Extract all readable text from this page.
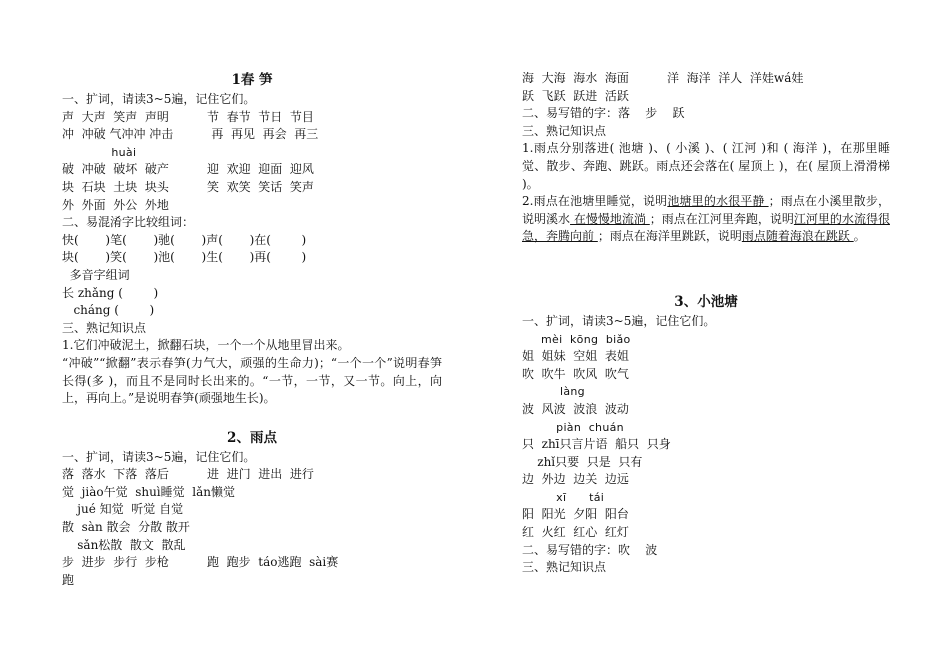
1春 笋
一、扩词，请读3~5遍，记住它们。
声  大声  笑声  声明          节  春节  节日  节目
冲  冲破 气冲冲 冲击          再  再见  再会  再三
huài
破  冲破  破坏  破产          迎  欢迎  迎面  迎风
块  石块  土块  块头          笑  欢笑  笑话  笑声
外  外面  外公  外地
二、易混淆字比较组词：
快(       )笔(       )驰(       )声(       )在(        )
块(       )笑(       )池(       )生(       )再(        )
多音字组词
长 zhǎng (        )
cháng (        )
三、熟记知识点
1.它们冲破泥土，掀翻石块，一个一个从地里冒出来。
“冲破”“掀翻”表示春笋(力气大，顽强的生命力)；“一个一个”说明春笋长得(多 )，而且不是同时长出来的。“一节，一节，又一节。向上，向上，再向上。”是说明春笋(顽强地生长)。
2、雨点
一、扩词，请读3~5遍，记住它们。
落  落水  下落  落后          进  进门  进出  进行
觉  jiào午觉  shuì睡觉  lǎn懒觉
jué 知觉  听觉 自觉
散  sàn 散会  分散 散开
sǎn松散  散文  散乱
步  进步  步行  步枪          跑  跑步  táo逃跑  sài赛
跑
海  大海  海水  海面          洋  海洋  洋人  洋娃wá娃
跃  飞跃  跃进  活跃
二、易写错的字：落    步    跃
三、熟记知识点
1.雨点分别落进( 池塘 )、( 小溪 )、( 江河 )和 ( 海洋 )，在那里睡觉、散步、奔跑、跳跃。雨点还会落在( 屋顶上 )，在( 屋顶上滑滑梯 )。
2.雨点在池塘里睡觉，说明池塘里的水很平静 ；雨点在小溪里散步，说明溪水 在慢慢地流淌 ；雨点在江河里奔跑，说明江河里的水流得很急，奔腾向前 ；雨点在海洋里跳跃，说明雨点随着海浪在跳跃 。
3、小池塘
一、扩词，请读3~5遍，记住它们。
mèi  kōng  biǎo
姐  姐妹  空姐  表姐
吹  吹牛  吹风  吹气
làng
波  风波  波浪  波动
piàn  chuán
只  zhī只言片语  船只  只身
zhǐ只要  只是  只有
边  外边  边关  边远
xī      tái
阳  阳光  夕阳  阳台
红  火红  红心  红灯
二、易写错的字：吹    波
三、熟记知识点
